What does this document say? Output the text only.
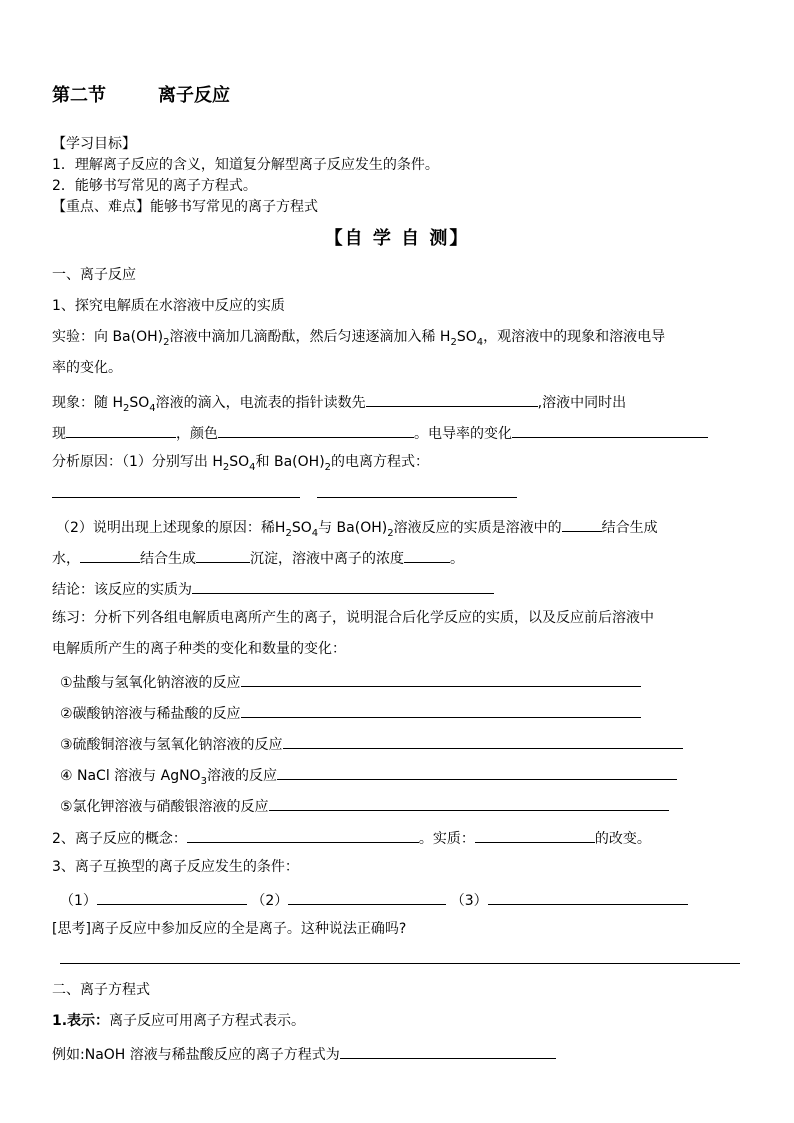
第二节	离子反应
【学习目标】
1．理解离子反应的含义，知道复分解型离子反应发生的条件。
2．能够书写常见的离子方程式。
【重点、难点】能够书写常见的离子方程式
【自 学 自 测】
一、离子反应
1、探究电解质在水溶液中反应的实质
实验：向 $Ba(OH)_2$溶液中滴加几滴酚酞，然后匀速逐滴加入稀 $H_2SO_4$，观溶液中的现象和溶液电导
率的变化。
现象：随 $H_2SO_4$溶液的滴入，电流表的指针读数先	,溶液中同时出
现	，颜色	。电导率的变化
分析原因：（1）分别写出 $H_2SO_4$和 $Ba(OH)_2$的电离方程式：
（2）说明出现上述现象的原因：稀$H_2SO_4$与 $Ba(OH)_2$溶液反应的实质是溶液中的	结合生成
水，	结合生成	沉淀，溶液中离子的浓度	。
结论：该反应的实质为
练习：分析下列各组电解质电离所产生的离子，说明混合后化学反应的实质，以及反应前后溶液中
电解质所产生的离子种类的变化和数量的变化：
①盐酸与氢氧化钠溶液的反应
②碳酸钠溶液与稀盐酸的反应
③硫酸铜溶液与氢氧化钠溶液的反应
④ NaCl 溶液与 AgNO$_3$溶液的反应
⑤氯化钾溶液与硝酸银溶液的反应
2、离子反应的概念：	。实质：	的改变。
3、离子互换型的离子反应发生的条件：
（1）	（2）	（3）
[思考]离子反应中参加反应的全是离子。这种说法正确吗?
二、离子方程式
1.表示：离子反应可用离子方程式表示。
例如:NaOH 溶液与稀盐酸反应的离子方程式为
